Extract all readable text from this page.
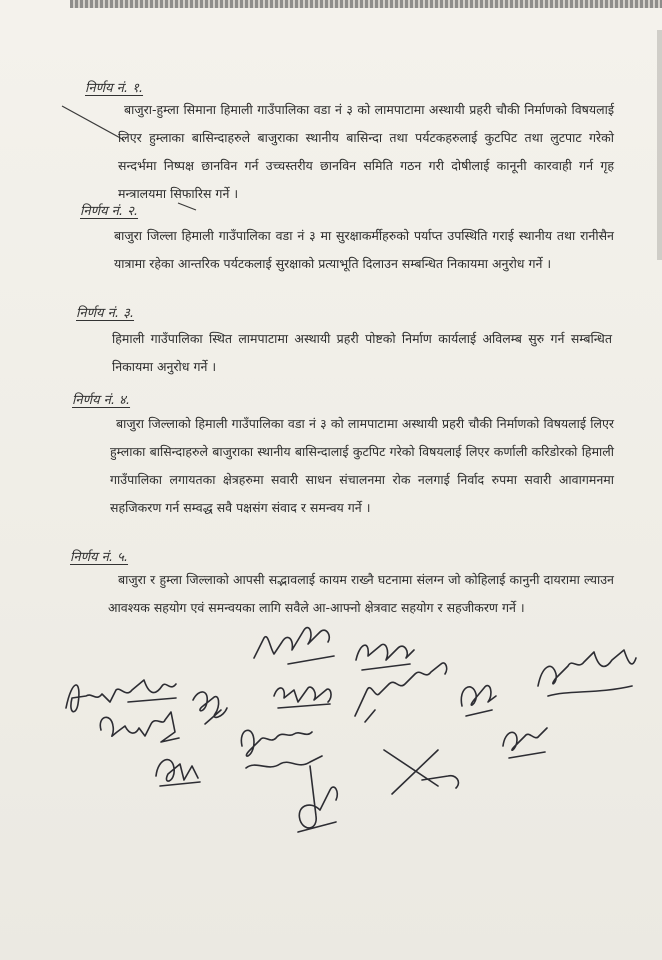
निर्णय नं. १.
बाजुरा-हुम्ला सिमाना हिमाली गाउँपालिका वडा नं ३ को लामपाटामा अस्थायी प्रहरी चौकी निर्माणको विषयलाई लिएर हुम्लाका बासिन्दाहरुले बाजुराका स्थानीय बासिन्दा तथा पर्यटकहरुलाई कुटपिट तथा लुटपाट गरेको सन्दर्भमा निष्पक्ष छानविन गर्न उच्चस्तरीय छानविन समिति गठन गरी दोषीलाई कानूनी कारवाही गर्न गृह मन्त्रालयमा सिफारिस गर्ने ।
निर्णय नं. २.
बाजुरा जिल्ला हिमाली गाउँपालिका वडा नं ३ मा सुरक्षाकर्मीहरुको पर्याप्त उपस्थिति गराई स्थानीय तथा रानीसैन यात्रामा रहेका आन्तरिक पर्यटकलाई सुरक्षाको प्रत्याभूति दिलाउन सम्बन्धित निकायमा अनुरोध गर्ने ।
निर्णय नं. ३.
हिमाली गाउँपालिका स्थित लामपाटामा अस्थायी प्रहरी पोष्टको निर्माण कार्यलाई अविलम्ब सुरु गर्न सम्बन्धित निकायमा अनुरोध गर्ने ।
निर्णय नं. ४.
बाजुरा जिल्लाको हिमाली गाउँपालिका वडा नं ३ को लामपाटामा अस्थायी प्रहरी चौकी निर्माणको विषयलाई लिएर हुम्लाका बासिन्दाहरुले बाजुराका स्थानीय बासिन्दालाई कुटपिट गरेको विषयलाई लिएर कर्णाली करिडोरको हिमाली गाउँपालिका लगायतका क्षेत्रहरुमा सवारी साधन संचालनमा रोक नलगाई निर्वाद रुपमा सवारी आवागमनमा सहजिकरण गर्न सम्वद्ध सवै पक्षसंग संवाद र समन्वय गर्ने ।
निर्णय नं. ५.
बाजुरा र हुम्ला जिल्लाको आपसी सद्भावलाई कायम राख्नै घटनामा संलग्न जो कोहिलाई कानुनी दायरामा ल्याउन आवश्यक सहयोग एवं समन्वयका लागि सवैले आ-आफ्नो क्षेत्रवाट सहयोग र सहजीकरण गर्ने ।
